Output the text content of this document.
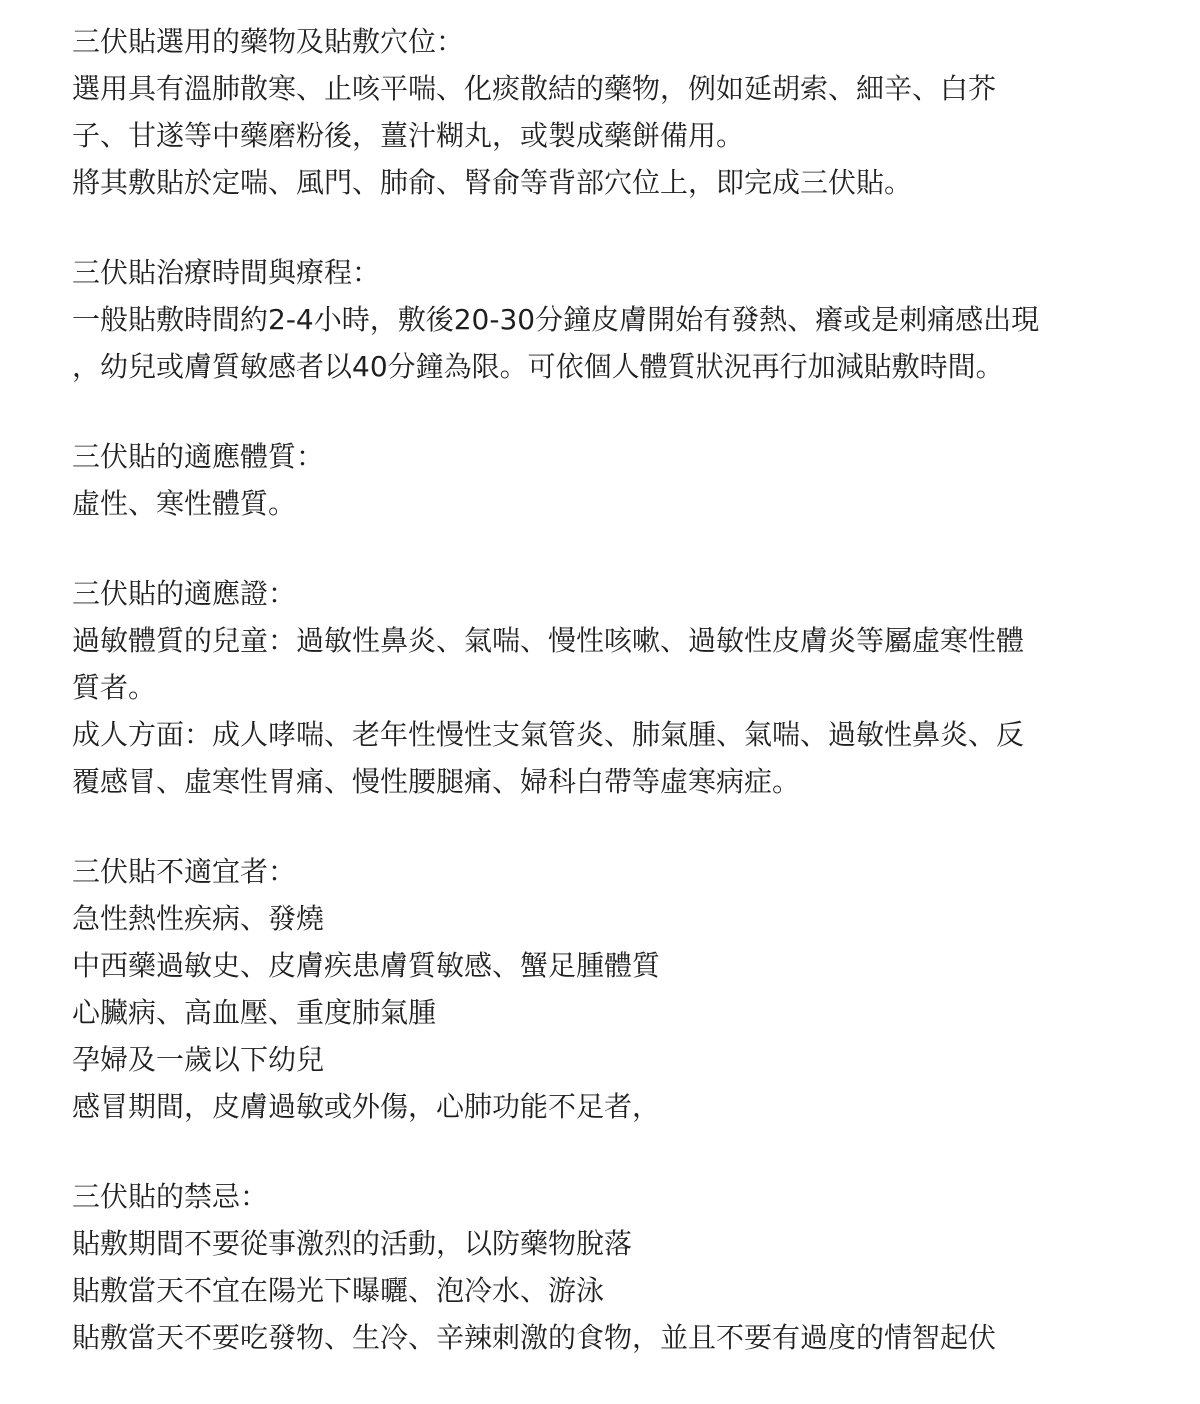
三伏貼選用的藥物及貼敷穴位：
選用具有溫肺散寒、止咳平喘、化痰散結的藥物，例如延胡索、細辛、白芥
子、甘遂等中藥磨粉後，薑汁糊丸，或製成藥餅備用。
將其敷貼於定喘、風門、肺俞、腎俞等背部穴位上，即完成三伏貼。
三伏貼治療時間與療程：
一般貼敷時間約2-4小時，敷後20-30分鐘皮膚開始有發熱、癢或是刺痛感出現
，幼兒或膚質敏感者以40分鐘為限。可依個人體質狀況再行加減貼敷時間。
三伏貼的適應體質：
虛性、寒性體質。
三伏貼的適應證：
過敏體質的兒童：過敏性鼻炎、氣喘、慢性咳嗽、過敏性皮膚炎等屬虛寒性體
質者。
成人方面：成人哮喘、老年性慢性支氣管炎、肺氣腫、氣喘、過敏性鼻炎、反
覆感冒、虛寒性胃痛、慢性腰腿痛、婦科白帶等虛寒病症。
三伏貼不適宜者：
急性熱性疾病、發燒
中西藥過敏史、皮膚疾患膚質敏感、蟹足腫體質
心臟病、高血壓、重度肺氣腫
孕婦及一歲以下幼兒
感冒期間，皮膚過敏或外傷，心肺功能不足者，
三伏貼的禁忌：
貼敷期間不要從事激烈的活動，以防藥物脫落
貼敷當天不宜在陽光下曝曬、泡冷水、游泳
貼敷當天不要吃發物、生冷、辛辣刺激的食物，並且不要有過度的情智起伏
